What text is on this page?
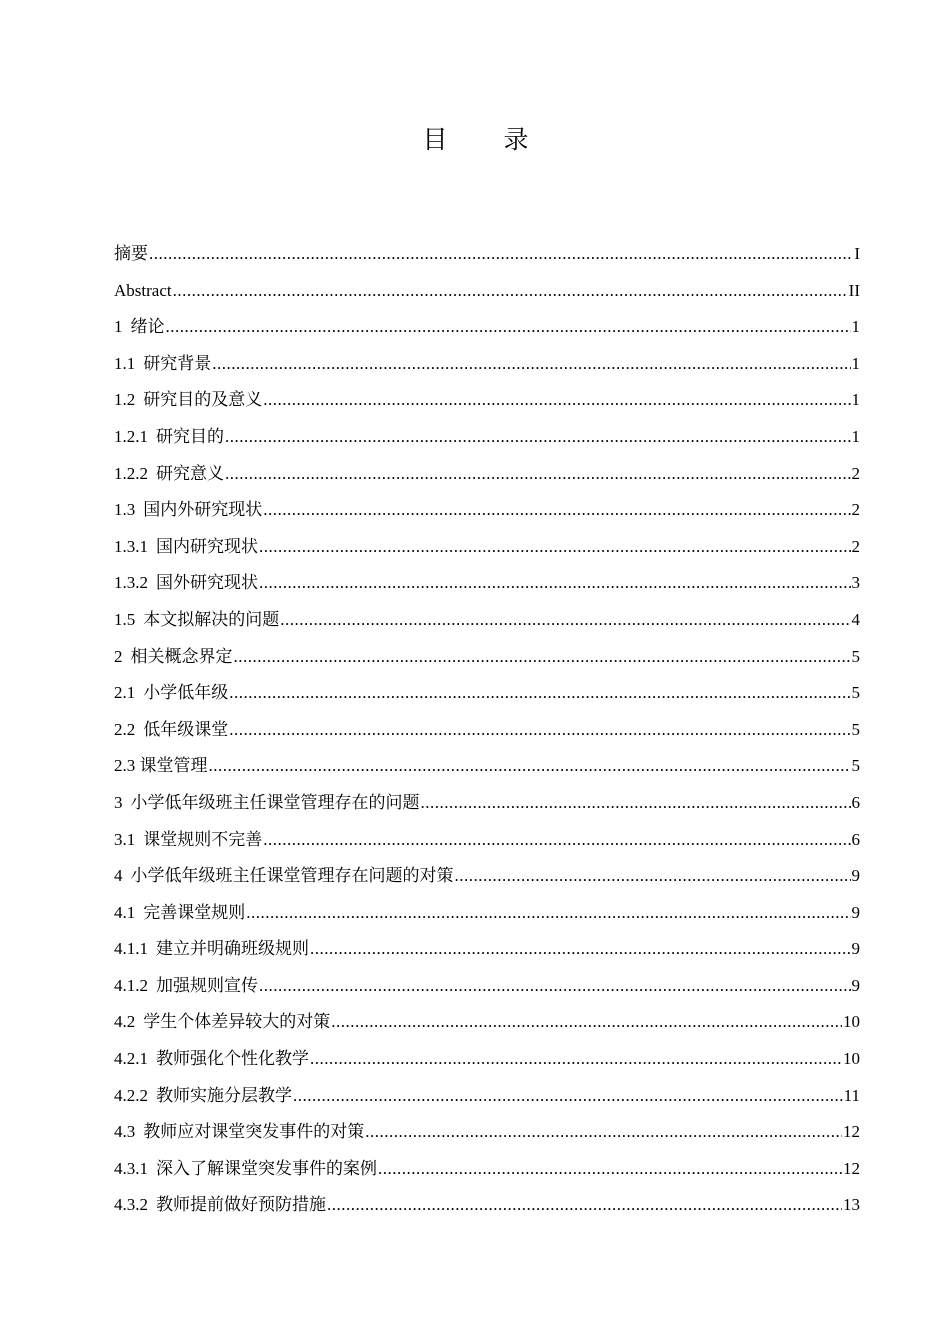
目 录
摘要 .....	I
Abstract .....	II
1 绪论 .....	1
1.1 研究背景 .....	1
1.2 研究目的及意义 .....	1
1.2.1 研究目的 .....	1
1.2.2 研究意义 .....	2
1.3 国内外研究现状 .....	2
1.3.1 国内研究现状 .....	2
1.3.2 国外研究现状 .....	3
1.5 本文拟解决的问题 .....	4
2 相关概念界定 .....	5
2.1 小学低年级 .....	5
2.2 低年级课堂 .....	5
2.3 课堂管理 .....	5
3 小学低年级班主任课堂管理存在的问题 .....	6
3.1 课堂规则不完善 .....	6
4 小学低年级班主任课堂管理存在问题的对策 .....	9
4.1 完善课堂规则 .....	9
4.1.1 建立并明确班级规则 .....	9
4.1.2 加强规则宣传 .....	9
4.2 学生个体差异较大的对策 .....	10
4.2.1 教师强化个性化教学 .....	10
4.2.2 教师实施分层教学 .....	11
4.3 教师应对课堂突发事件的对策 .....	12
4.3.1 深入了解课堂突发事件的案例 .....	12
4.3.2 教师提前做好预防措施 .....	13
